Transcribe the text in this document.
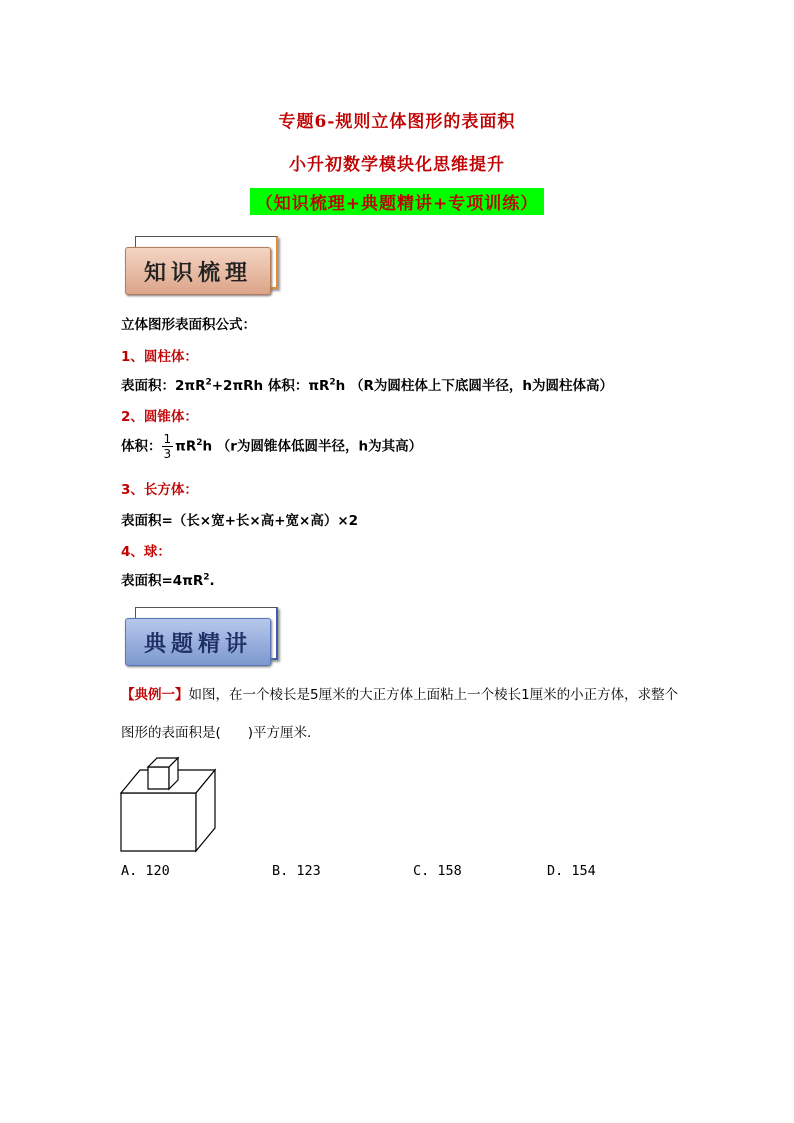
专题6-规则立体图形的表面积
小升初数学模块化思维提升
（知识梳理+典题精讲+专项训练）
知识梳理
立体图形表面积公式：
1、圆柱体：
表面积：$2\pi R^2+2\pi Rh$ 体积：$\pi R^2h$ （R为圆柱体上下底圆半径，h为圆柱体高）
2、圆锥体：
体积： $\frac{1}{3} \pi R^2h$ （r为圆锥体低圆半径，h为其高）
3、长方体：
表面积=（长×宽+长×高+宽×高）×2
4、球：
表面积$=4\pi R^2$.
典题精讲
【典例一】如图，在一个棱长是5厘米的大正方体上面粘上一个棱长1厘米的小正方体，求整个图形的表面积是(　　)平方厘米.
A. 120	B. 123	C. 158	D. 154
